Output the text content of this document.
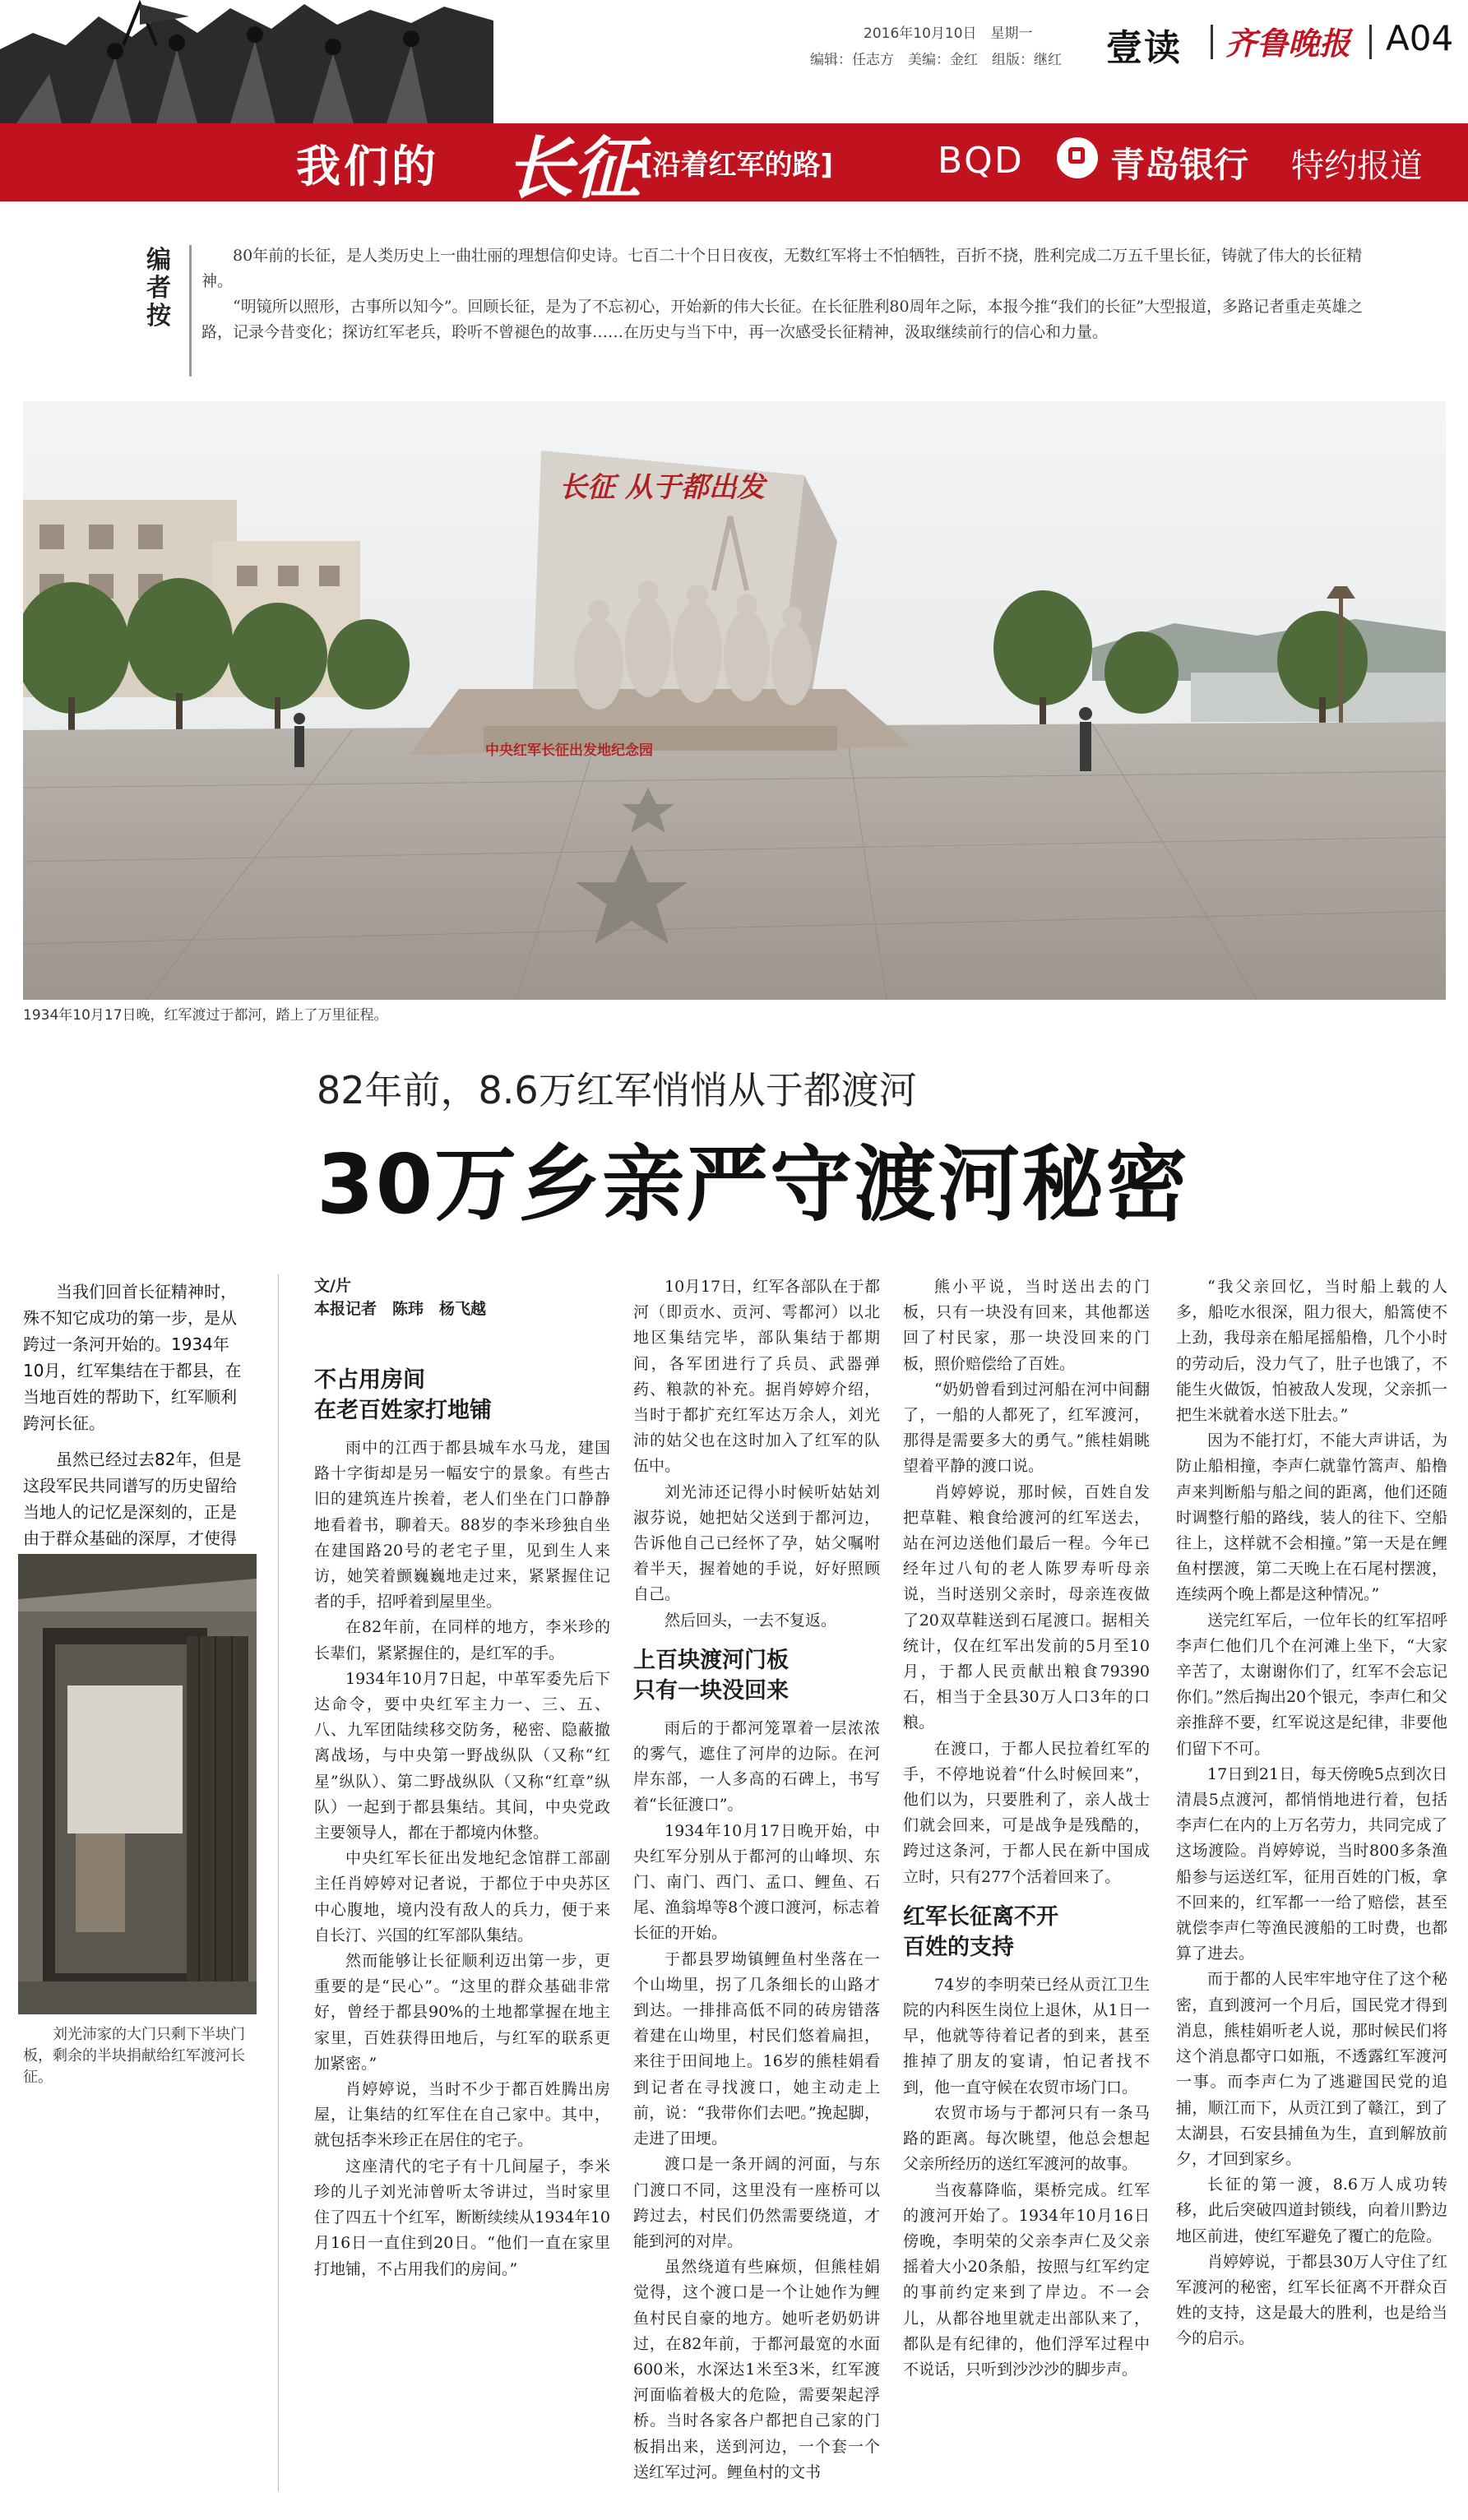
2016年10月10日　星期一
编辑：任志方　美编：金红　组版：继红 壹读 齐鲁晚报 A04
我们的 长征 [沿着红军的路]	BQD	青岛银行 特约报道
编者按

80年前的长征，是人类历史上一曲壮丽的理想信仰史诗。七百二十个日日夜夜，无数红军将士不怕牺牲，百折不挠，胜利完成二万五千里长征，铸就了伟大的长征精神。

“明镜所以照形，古事所以知今”。回顾长征，是为了不忘初心，开始新的伟大长征。在长征胜利80周年之际，本报今推“我们的长征”大型报道，多路记者重走英雄之路，记录今昔变化；探访红军老兵，聆听不曾褪色的故事……在历史与当下中，再一次感受长征精神，汲取继续前行的信心和力量。

长征 从于都出发
中央红军长征出发地纪念园
1934年10月17日晚，红军渡过于都河，踏上了万里征程。
82年前，8.6万红军悄悄从于都渡河
30万乡亲严守渡河秘密

当我们回首长征精神时，殊不知它成功的第一步，是从跨过一条河开始的。1934年10月，红军集结在于都县，在当地百姓的帮助下，红军顺利跨河长征。

虽然已经过去82年，但是这段军民共同谱写的历史留给当地人的记忆是深刻的，正是由于群众基础的深厚，才使得

刘光沛家的大门只剩下半块门板，剩余的半块捐献给红军渡河长征。
文/片
本报记者　陈玮　杨飞越

不占用房间
在老百姓家打地铺

雨中的江西于都县城车水马龙，建国路十字街却是另一幅安宁的景象。有些古旧的建筑连片挨着，老人们坐在门口静静地看着书，聊着天。88岁的李米珍独自坐在建国路20号的老宅子里，见到生人来访，她笑着颤巍巍地走过来，紧紧握住记者的手，招呼着到屋里坐。

在82年前，在同样的地方，李米珍的长辈们，紧紧握住的，是红军的手。

1934年10月7日起，中革军委先后下达命令，要中央红军主力一、三、五、八、九军团陆续移交防务，秘密、隐蔽撤离战场，与中央第一野战纵队（又称“红星”纵队）、第二野战纵队（又称“红章”纵队）一起到于都县集结。其间，中央党政主要领导人，都在于都境内休整。

中央红军长征出发地纪念馆群工部副主任肖婷婷对记者说，于都位于中央苏区中心腹地，境内没有敌人的兵力，便于来自长汀、兴国的红军部队集结。

然而能够让长征顺利迈出第一步，更重要的是“民心”。“这里的群众基础非常好，曾经于都县90%的土地都掌握在地主家里，百姓获得田地后，与红军的联系更加紧密。”

肖婷婷说，当时不少于都百姓腾出房屋，让集结的红军住在自己家中。其中，就包括李米珍正在居住的宅子。

这座清代的宅子有十几间屋子，李米珍的儿子刘光沛曾听太爷讲过，当时家里住了四五十个红军，断断续续从1934年10月16日一直住到20日。“他们一直在家里打地铺，不占用我们的房间。”

10月17日，红军各部队在于都河（即贡水、贡河、雩都河）以北地区集结完毕，部队集结于都期间，各军团进行了兵员、武器弹药、粮款的补充。据肖婷婷介绍，当时于都扩充红军达万余人，刘光沛的姑父也在这时加入了红军的队伍中。

刘光沛还记得小时候听姑姑刘淑芬说，她把姑父送到于都河边，告诉他自己已经怀了孕，姑父嘱咐着半天，握着她的手说，好好照顾自己。

然后回头，一去不复返。

上百块渡河门板
只有一块没回来

雨后的于都河笼罩着一层浓浓的雾气，遮住了河岸的边际。在河岸东部，一人多高的石碑上，书写着“长征渡口”。

1934年10月17日晚开始，中央红军分别从于都河的山峰坝、东门、南门、西门、孟口、鲤鱼、石尾、渔翁埠等8个渡口渡河，标志着长征的开始。

于都县罗坳镇鲤鱼村坐落在一个山坳里，拐了几条细长的山路才到达。一排排高低不同的砖房错落着建在山坳里，村民们悠着扁担，来往于田间地上。16岁的熊桂娟看到记者在寻找渡口，她主动走上前，说：“我带你们去吧。”挽起脚，走进了田埂。

渡口是一条开阔的河面，与东门渡口不同，这里没有一座桥可以跨过去，村民们仍然需要绕道，才能到河的对岸。

虽然绕道有些麻烦，但熊桂娟觉得，这个渡口是一个让她作为鲤鱼村民自豪的地方。她听老奶奶讲过，在82年前，于都河最宽的水面600米，水深达1米至3米，红军渡河面临着极大的危险，需要架起浮桥。当时各家各户都把自己家的门板捐出来，送到河边，一个套一个送红军过河。鲤鱼村的文书

熊小平说，当时送出去的门板，只有一块没有回来，其他都送回了村民家，那一块没回来的门板，照价赔偿给了百姓。

“奶奶曾看到过河船在河中间翻了，一船的人都死了，红军渡河，那得是需要多大的勇气。”熊桂娟眺望着平静的渡口说。

肖婷婷说，那时候，百姓自发把草鞋、粮食给渡河的红军送去，站在河边送他们最后一程。今年已经年过八旬的老人陈罗寿听母亲说，当时送别父亲时，母亲连夜做了20双草鞋送到石尾渡口。据相关统计，仅在红军出发前的5月至10月，于都人民贡献出粮食79390石，相当于全县30万人口3年的口粮。

在渡口，于都人民拉着红军的手，不停地说着“什么时候回来”，他们以为，只要胜利了，亲人战士们就会回来，可是战争是残酷的，跨过这条河，于都人民在新中国成立时，只有277个活着回来了。

红军长征离不开
百姓的支持

74岁的李明荣已经从贡江卫生院的内科医生岗位上退休，从1日一早，他就等待着记者的到来，甚至推掉了朋友的宴请，怕记者找不到，他一直守候在农贸市场门口。

农贸市场与于都河只有一条马路的距离。每次眺望，他总会想起父亲所经历的送红军渡河的故事。

当夜幕降临，渠桥完成。红军的渡河开始了。1934年10月16日傍晚，李明荣的父亲李声仁及父亲摇着大小20条船，按照与红军约定的事前约定来到了岸边。不一会儿，从都谷地里就走出部队来了，都队是有纪律的，他们浮军过程中不说话，只听到沙沙沙的脚步声。

“我父亲回忆，当时船上载的人多，船吃水很深，阻力很大，船篙使不上劲，我母亲在船尾摇船橹，几个小时的劳动后，没力气了，肚子也饿了，不能生火做饭，怕被敌人发现，父亲抓一把生米就着水送下肚去。”

因为不能打灯，不能大声讲话，为防止船相撞，李声仁就靠竹篙声、船橹声来判断船与船之间的距离，他们还随时调整行船的路线，装人的往下、空船往上，这样就不会相撞。”第一天是在鲤鱼村摆渡，第二天晚上在石尾村摆渡，连续两个晚上都是这种情况。”

送完红军后，一位年长的红军招呼李声仁他们几个在河滩上坐下，“大家辛苦了，太谢谢你们了，红军不会忘记你们。”然后掏出20个银元，李声仁和父亲推辞不要，红军说这是纪律，非要他们留下不可。

17日到21日，每天傍晚5点到次日清晨5点渡河，都悄悄地进行着，包括李声仁在内的上万名劳力，共同完成了这场渡险。肖婷婷说，当时800多条渔船参与运送红军，征用百姓的门板，拿不回来的，红军都一一给了赔偿，甚至就偿李声仁等渔民渡船的工时费，也都算了进去。

而于都的人民牢牢地守住了这个秘密，直到渡河一个月后，国民党才得到消息，熊桂娟听老人说，那时候民们将这个消息都守口如瓶，不透露红军渡河一事。而李声仁为了逃避国民党的追捕，顺江而下，从贡江到了赣江，到了太湖县，石安县捕鱼为生，直到解放前夕，才回到家乡。

长征的第一渡，8.6万人成功转移，此后突破四道封锁线，向着川黔边地区前进，使红军避免了覆亡的危险。

肖婷婷说，于都县30万人守住了红军渡河的秘密，红军长征离不开群众百姓的支持，这是最大的胜利，也是给当今的启示。
